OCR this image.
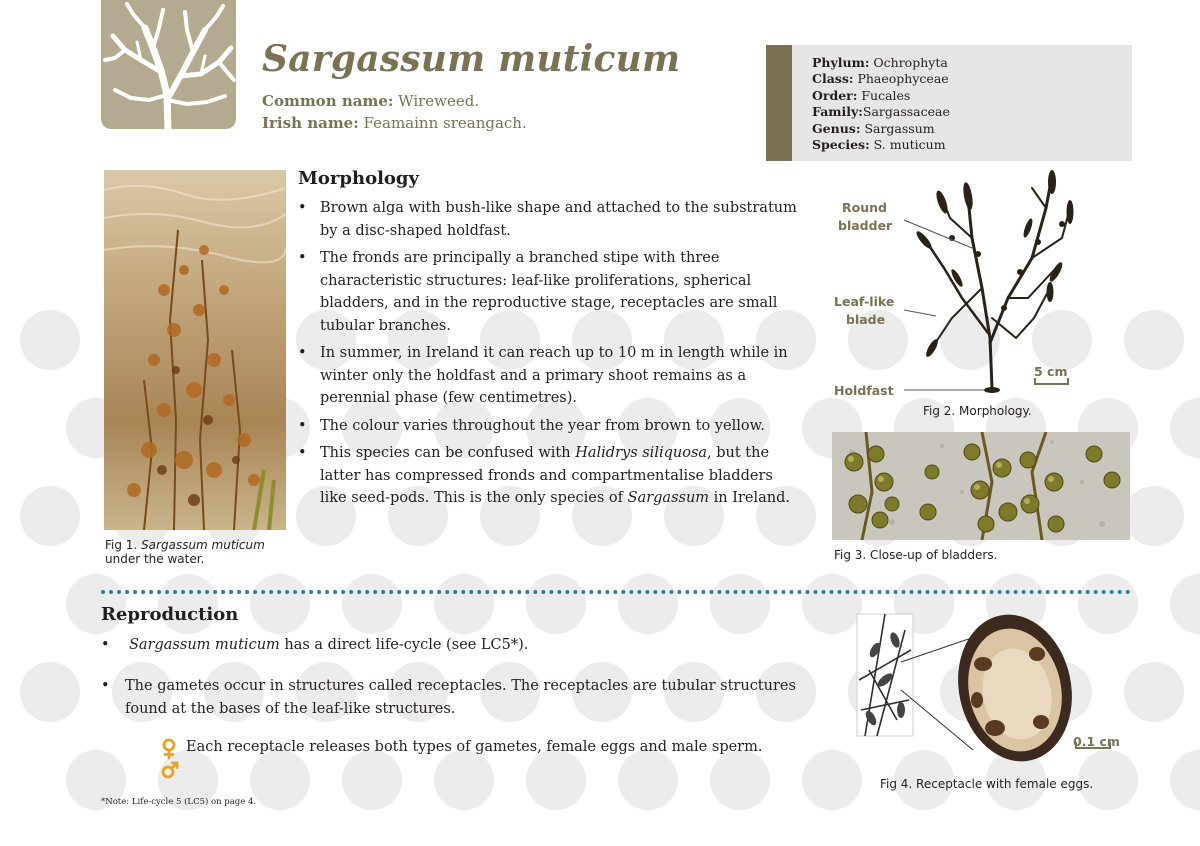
Sargassum muticum
Common name: Wireweed.
Irish name: Feamainn sreangach.
Phylum: Ochrophyta
Class: Phaeophyceae
Order: Fucales
Family:Sargassaceae
Genus: Sargassum
Species: S. muticum
Fig 1. Sargassum muticum
under the water.
Morphology
• Brown alga with bush-like shape and attached to the substratum by a disc-shaped holdfast.
• The fronds are principally a branched stipe with three characteristic structures: leaf-like proliferations, spherical bladders, and in the reproductive stage, receptacles are small tubular branches.
• In summer, in Ireland it can reach up to 10 m in length while in winter only the holdfast and a primary shoot remains as a perennial phase (few centimetres).
• The colour varies throughout the year from brown to yellow.
• This species can be confused with Halidrys siliquosa, but the latter has compressed fronds and compartmentalise bladders like seed-pods. This is the only species of Sargassum in Ireland.
Round
bladder
Leaf-like
blade
Holdfast
5 cm
Fig 2. Morphology.
Fig 3. Close-up of bladders.
Reproduction
• Sargassum muticum has a direct life-cycle (see LC5*).
• The gametes occur in structures called receptacles. The receptacles are tubular structures found at the bases of the leaf-like structures.
Each receptacle releases both types of gametes, female eggs and male sperm.
*Note: Life-cycle 5 (LC5) on page 4.
0.1 cm
Fig 4. Receptacle with female eggs.
